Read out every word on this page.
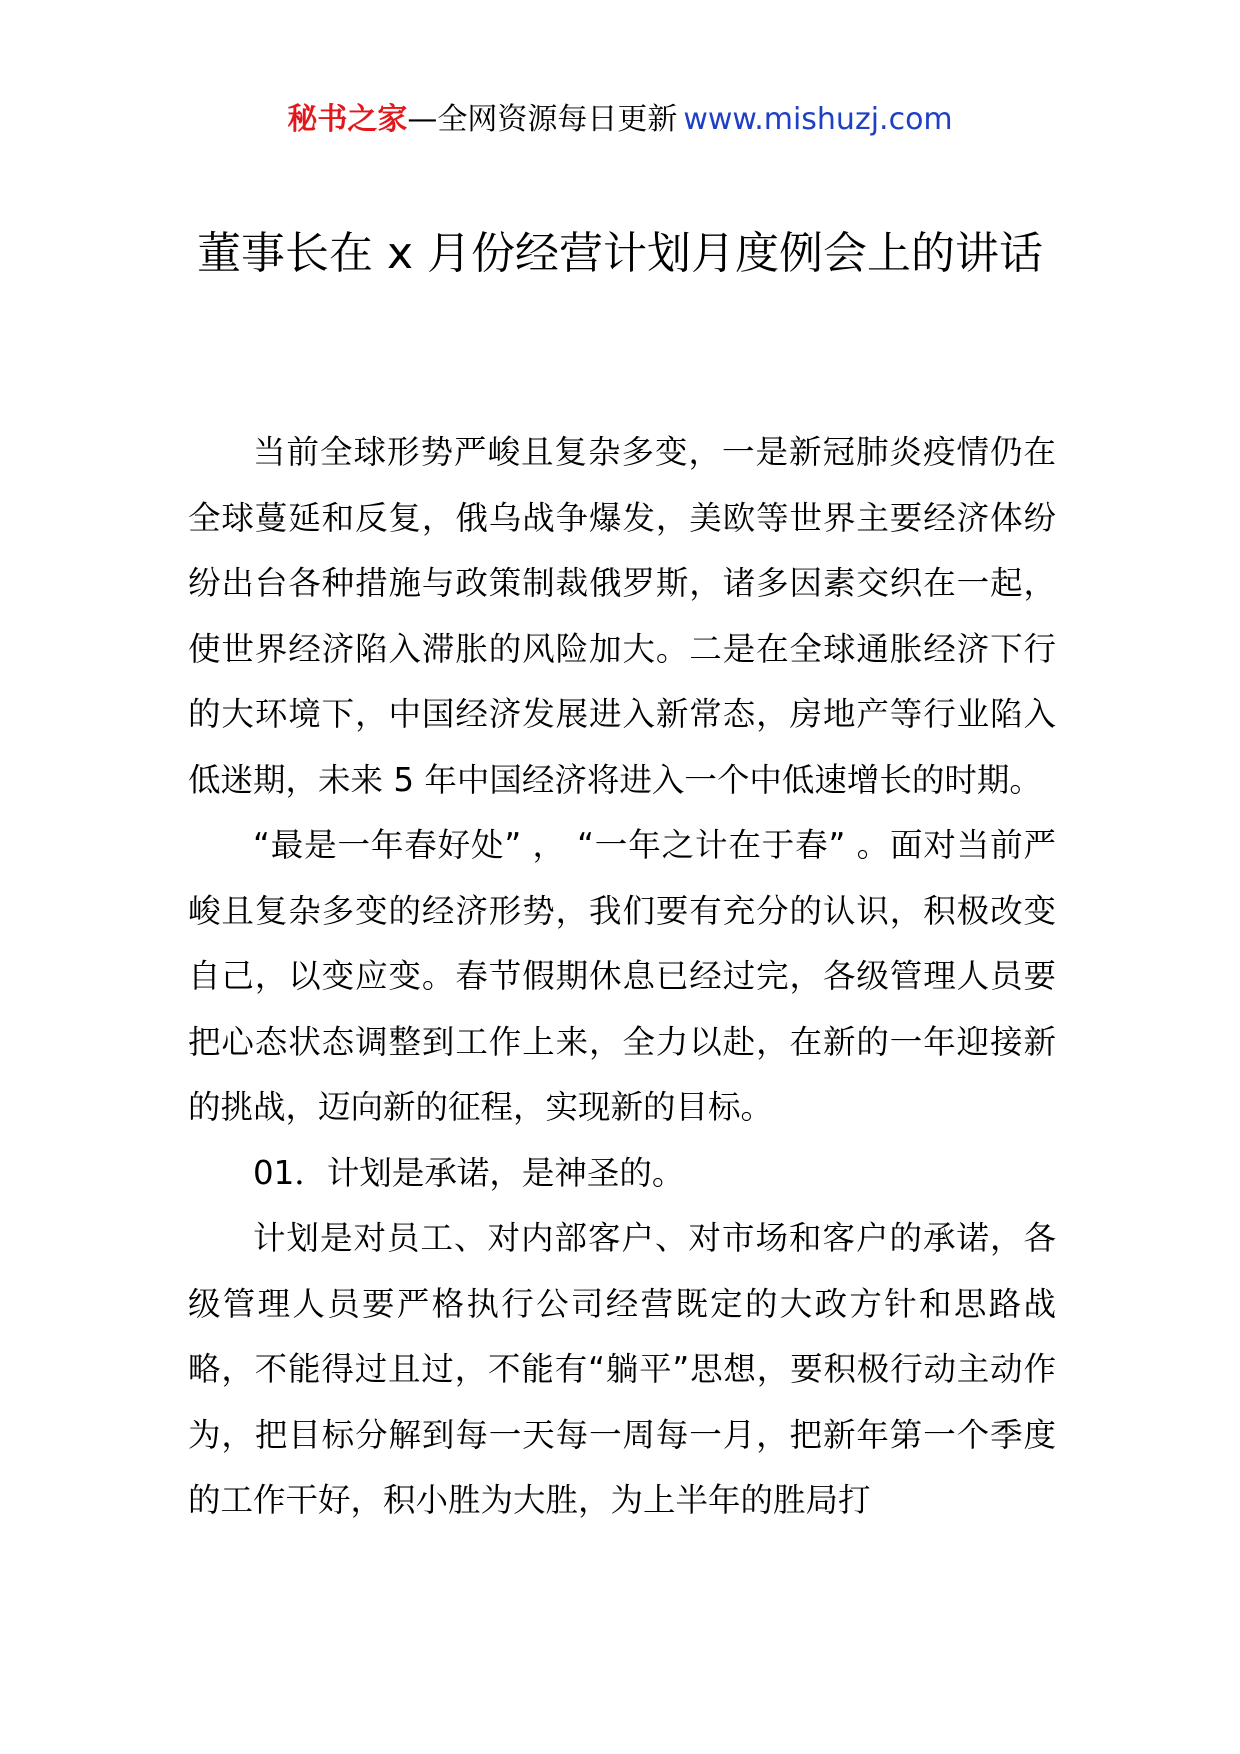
秘书之家—全网资源每日更新 www.mishuzj.com
董事长在 x 月份经营计划月度例会上的讲话

当前全球形势严峻且复杂多变，一是新冠肺炎疫情仍在全球蔓延和反复，俄乌战争爆发，美欧等世界主要经济体纷纷出台各种措施与政策制裁俄罗斯，诸多因素交织在一起，使世界经济陷入滞胀的风险加大。二是在全球通胀经济下行的大环境下，中国经济发展进入新常态，房地产等行业陷入低迷期，未来 5 年中国经济将进入一个中低速增长的时期。

“最是一年春好处” ， “一年之计在于春” 。面对当前严峻且复杂多变的经济形势，我们要有充分的认识，积极改变自己，以变应变。春节假期休息已经过完，各级管理人员要把心态状态调整到工作上来，全力以赴，在新的一年迎接新的挑战，迈向新的征程，实现新的目标。

01．计划是承诺，是神圣的。

计划是对员工、对内部客户、对市场和客户的承诺，各级管理人员要严格执行公司经营既定的大政方针和思路战略，不能得过且过，不能有“躺平”思想，要积极行动主动作为，把目标分解到每一天每一周每一月，把新年第一个季度的工作干好，积小胜为大胜，为上半年的胜局打
